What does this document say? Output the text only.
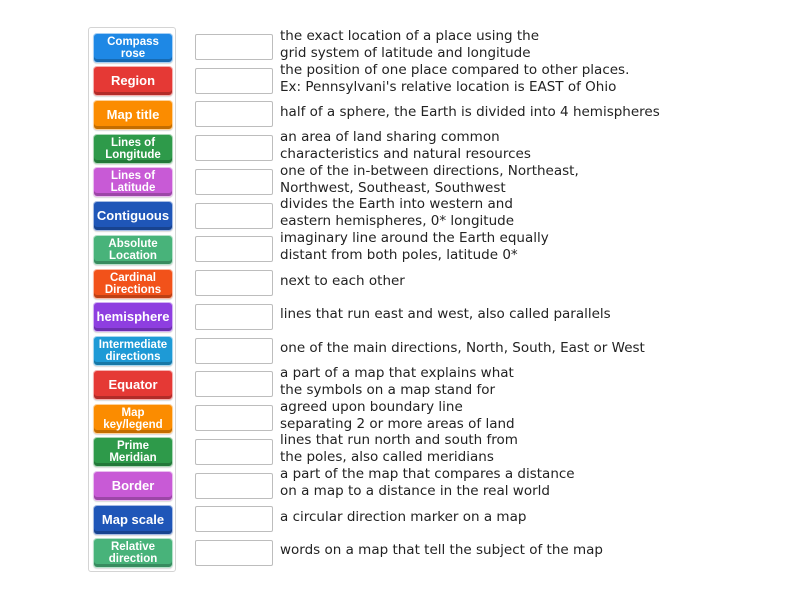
Compass rose
Region
Map title
Lines of Longitude
Lines of Latitude
Contiguous
Absolute Location
Cardinal Directions
hemisphere
Intermediate directions
Equator
Map key/legend
Prime Meridian
Border
Map scale
Relative direction
the exact location of a place using the
grid system of latitude and longitude
the position of one place compared to other places.
Ex: Pennsylvani's relative location is EAST of Ohio
half of a sphere, the Earth is divided into 4 hemispheres
an area of land sharing common
characteristics and natural resources
one of the in-between directions, Northeast,
Northwest, Southeast, Southwest
divides the Earth into western and
eastern hemispheres, 0* longitude
imaginary line around the Earth equally
distant from both poles, latitude 0*
next to each other
lines that run east and west, also called parallels
one of the main directions, North, South, East or West
a part of a map that explains what
the symbols on a map stand for
agreed upon boundary line
separating 2 or more areas of land
lines that run north and south from
the poles, also called meridians
a part of the map that compares a distance
on a map to a distance in the real world
a circular direction marker on a map
words on a map that tell the subject of the map
